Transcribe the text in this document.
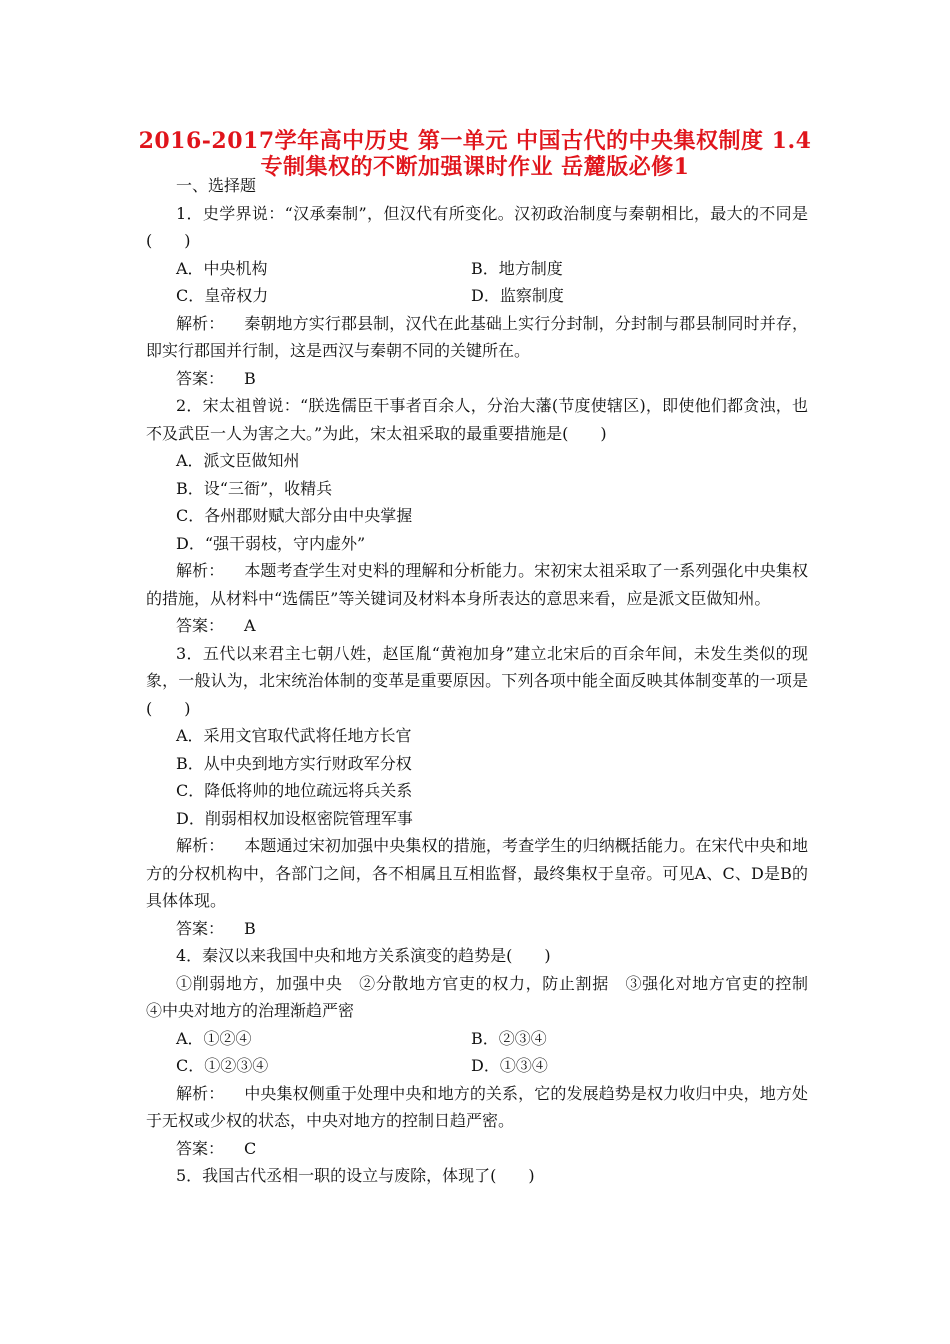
2016-2017学年高中历史 第一单元 中国古代的中央集权制度 1.4
专制集权的不断加强课时作业 岳麓版必修1

一、选择题

1．史学界说：“汉承秦制”，但汉代有所变化。汉初政治制度与秦朝相比，最大的不同是(　　)

A．中央机构	B．地方制度
C．皇帝权力	D．监察制度

解析： 秦朝地方实行郡县制，汉代在此基础上实行分封制，分封制与郡县制同时并存，即实行郡国并行制，这是西汉与秦朝不同的关键所在。

答案： B

2．宋太祖曾说：“朕选儒臣干事者百余人，分治大藩(节度使辖区)，即使他们都贪浊，也不及武臣一人为害之大。”为此，宋太祖采取的最重要措施是(　　)

A．派文臣做知州

B．设“三衙”，收精兵

C．各州郡财赋大部分由中央掌握

D．“强干弱枝，守内虚外”

解析： 本题考查学生对史料的理解和分析能力。宋初宋太祖采取了一系列强化中央集权的措施，从材料中“选儒臣”等关键词及材料本身所表达的意思来看，应是派文臣做知州。

答案： A

3．五代以来君主七朝八姓，赵匡胤“黄袍加身”建立北宋后的百余年间，未发生类似的现象，一般认为，北宋统治体制的变革是重要原因。下列各项中能全面反映其体制变革的一项是(　　)

A．采用文官取代武将任地方长官

B．从中央到地方实行财政军分权

C．降低将帅的地位疏远将兵关系

D．削弱相权加设枢密院管理军事

解析： 本题通过宋初加强中央集权的措施，考查学生的归纳概括能力。在宋代中央和地方的分权机构中，各部门之间，各不相属且互相监督，最终集权于皇帝。可见A、C、D是B的具体体现。

答案： B

4．秦汉以来我国中央和地方关系演变的趋势是(　　)

①削弱地方，加强中央　②分散地方官吏的权力，防止割据　③强化对地方官吏的控制　④中央对地方的治理渐趋严密

A．①②④	B．②③④
C．①②③④	D．①③④

解析： 中央集权侧重于处理中央和地方的关系，它的发展趋势是权力收归中央，地方处于无权或少权的状态，中央对地方的控制日趋严密。

答案： C

5．我国古代丞相一职的设立与废除，体现了(　　)
